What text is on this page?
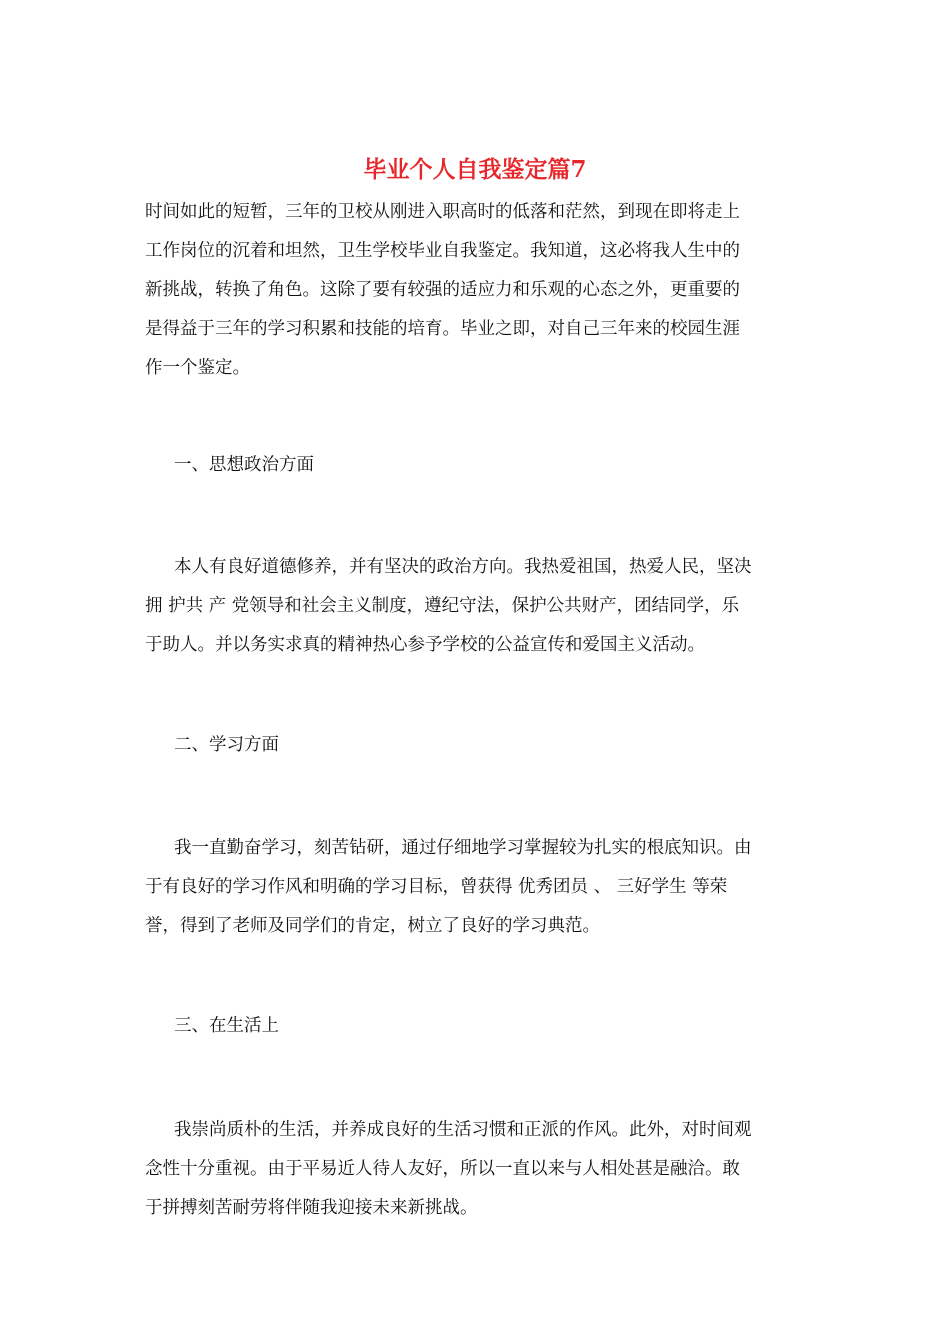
毕业个人自我鉴定篇7

时间如此的短暂，三年的卫校从刚进入职高时的低落和茫然，到现在即将走上
工作岗位的沉着和坦然，卫生学校毕业自我鉴定。我知道，这必将我人生中的
新挑战，转换了角色。这除了要有较强的适应力和乐观的心态之外，更重要的
是得益于三年的学习积累和技能的培育。毕业之即，对自己三年来的校园生涯
作一个鉴定。

一、思想政治方面

本人有良好道德修养，并有坚决的政治方向。我热爱祖国，热爱人民，坚决
拥 护共 产 党领导和社会主义制度，遵纪守法，保护公共财产，团结同学，乐
于助人。并以务实求真的精神热心参予学校的公益宣传和爱国主义活动。

二、学习方面

我一直勤奋学习，刻苦钻研，通过仔细地学习掌握较为扎实的根底知识。由
于有良好的学习作风和明确的学习目标，曾获得 优秀团员 、 三好学生 等荣
誉，得到了老师及同学们的肯定，树立了良好的学习典范。

三、在生活上

我崇尚质朴的生活，并养成良好的生活习惯和正派的作风。此外，对时间观
念性十分重视。由于平易近人待人友好，所以一直以来与人相处甚是融洽。敢
于拼搏刻苦耐劳将伴随我迎接未来新挑战。
